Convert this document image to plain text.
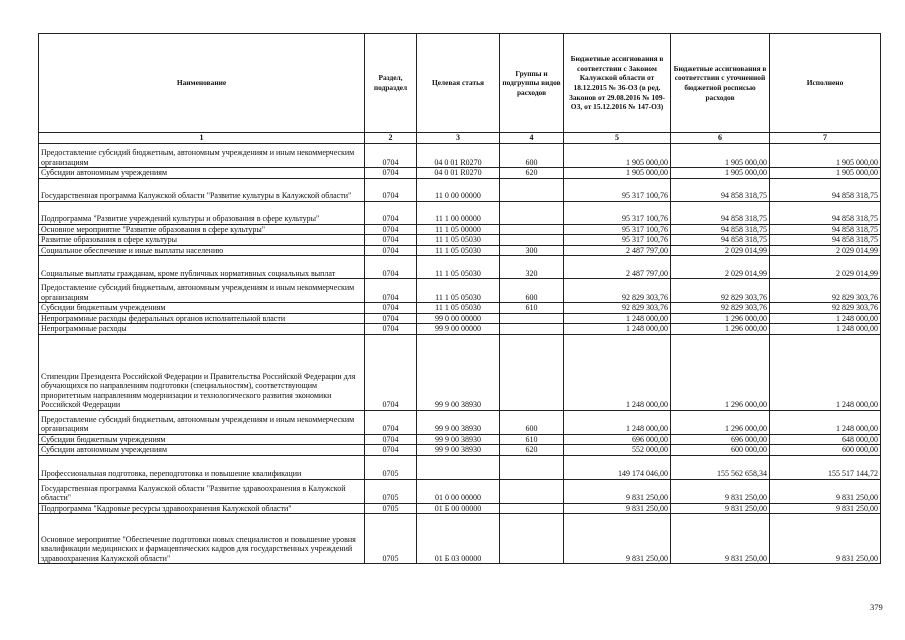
Наименование	Раздел, подраздел	Целевая статья	Группы и подгруппы видов расходов	Бюджетные ассигнования в соответствии с Законом Калужской области от 18.12.2015 № 36-ОЗ (в ред. Законов от 29.08.2016 № 109-ОЗ, от 15.12.2016 № 147-ОЗ)	Бюджетные ассигнования в соответствии с уточненной бюджетной росписью расходов	Исполнено
1	2	3	4	5	6	7
Предоставление субсидий бюджетным, автономным учреждениям и иным некоммерческим организациям	0704	04 0 01 R0270	600	1 905 000,00	1 905 000,00	1 905 000,00
Субсидии автономным учреждениям	0704	04 0 01 R0270	620	1 905 000,00	1 905 000,00	1 905 000,00
Государственная программа Калужской области "Развитие культуры в Калужской области"	0704	11 0 00 00000		95 317 100,76	94 858 318,75	94 858 318,75
Подпрограмма "Развитие учреждений культуры и образования в сфере культуры"	0704	11 1 00 00000		95 317 100,76	94 858 318,75	94 858 318,75
Основное мероприятие "Развитие образования в сфере культуры"	0704	11 1 05 00000		95 317 100,76	94 858 318,75	94 858 318,75
Развитие образования в сфере культуры	0704	11 1 05 05030		95 317 100,76	94 858 318,75	94 858 318,75
Социальное обеспечение и иные выплаты населению	0704	11 1 05 05030	300	2 487 797,00	2 029 014,99	2 029 014,99
Социальные выплаты гражданам, кроме публичных нормативных социальных выплат	0704	11 1 05 05030	320	2 487 797,00	2 029 014,99	2 029 014,99
Предоставление субсидий бюджетным, автономным учреждениям и иным некоммерческим организациям	0704	11 1 05 05030	600	92 829 303,76	92 829 303,76	92 829 303,76
Субсидии бюджетным учреждениям	0704	11 1 05 05030	610	92 829 303,76	92 829 303,76	92 829 303,76
Непрограммные расходы федеральных органов исполнительной власти	0704	99 0 00 00000		1 248 000,00	1 296 000,00	1 248 000,00
Непрограммные расходы	0704	99 9 00 00000		1 248 000,00	1 296 000,00	1 248 000,00
Стипендии Президента Российской Федерации и Правительства Российской Федерации для обучающихся по направлениям подготовки (специальностям), соответствующим приоритетным направлениям модернизации и технологического развития экономики Российской Федерации	0704	99 9 00 38930		1 248 000,00	1 296 000,00	1 248 000,00
Предоставление субсидий бюджетным, автономным учреждениям и иным некоммерческим организациям	0704	99 9 00 38930	600	1 248 000,00	1 296 000,00	1 248 000,00
Субсидии бюджетным учреждениям	0704	99 9 00 38930	610	696 000,00	696 000,00	648 000,00
Субсидии автономным учреждениям	0704	99 9 00 38930	620	552 000,00	600 000,00	600 000,00
Профессиональная подготовка, переподготовка и повышение квалификации	0705			149 174 046,00	155 562 658,34	155 517 144,72
Государственная программа Калужской области "Развитие здравоохранения в Калужской области"	0705	01 0 00 00000		9 831 250,00	9 831 250,00	9 831 250,00
Подпрограмма "Кадровые ресурсы здравоохранения Калужской области"	0705	01 Б 00 00000		9 831 250,00	9 831 250,00	9 831 250,00
Основное мероприятие "Обеспечение подготовки новых специалистов и повышение уровня квалификации медицинских и фармацевтических кадров для государственных учреждений здравоохранения Калужской области"	0705	01 Б 03 00000		9 831 250,00	9 831 250,00	9 831 250,00
379
